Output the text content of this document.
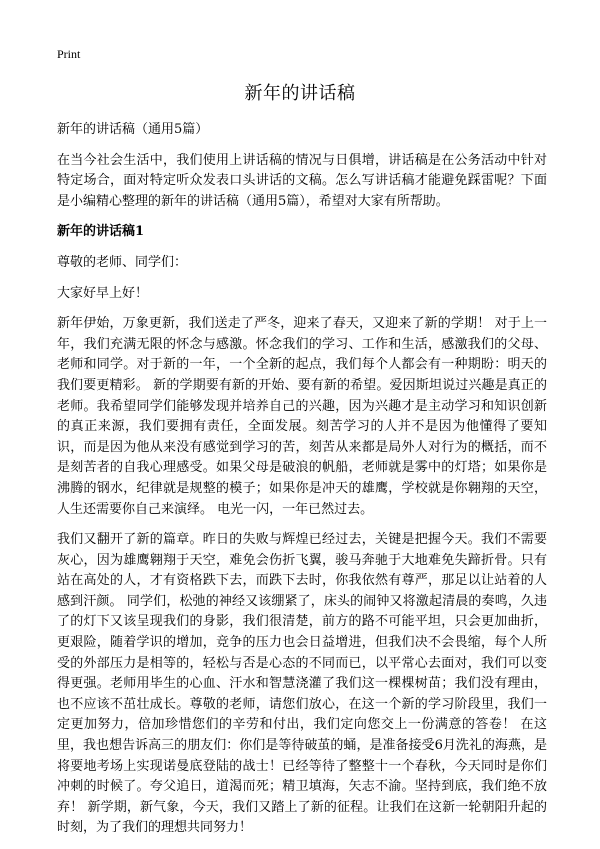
Print
新年的讲话稿

新年的讲话稿（通用5篇）

在当今社会生活中，我们使用上讲话稿的情况与日俱增，讲话稿是在公务活动中针对特定场合，面对特定听众发表口头讲话的文稿。怎么写讲话稿才能避免踩雷呢？下面是小编精心整理的新年的讲话稿（通用5篇），希望对大家有所帮助。

新年的讲话稿1

尊敬的老师、同学们：

大家好早上好！

新年伊始，万象更新，我们送走了严冬，迎来了春天，又迎来了新的学期！ 对于上一年，我们充满无限的怀念与感激。怀念我们的学习、工作和生活，感激我们的父母、老师和同学。对于新的一年，一个全新的起点，我们每个人都会有一种期盼：明天的我们要更精彩。 新的学期要有新的开始、要有新的希望。爱因斯坦说过兴趣是真正的老师。我希望同学们能够发现并培养自己的兴趣，因为兴趣才是主动学习和知识创新的真正来源，我们要拥有责任，全面发展。刻苦学习的人并不是因为他懂得了要知识，而是因为他从来没有感觉到学习的苦，刻苦从来都是局外人对行为的概括，而不是刻苦者的自我心理感受。如果父母是破浪的帆船，老师就是雾中的灯塔；如果你是沸腾的钢水，纪律就是规整的模子；如果你是冲天的雄鹰，学校就是你翱翔的天空，人生还需要你自己来演绎。 电光一闪，一年已然过去。

我们又翻开了新的篇章。昨日的失败与辉煌已经过去，关键是把握今天。我们不需要灰心，因为雄鹰翱翔于天空，难免会伤折飞翼，骏马奔驰于大地难免失蹄折骨。只有站在高处的人，才有资格跌下去，而跌下去时，你我依然有尊严，那足以让站着的人感到汗颜。 同学们，松弛的神经又该绷紧了，床头的闹钟又将激起清晨的奏鸣，久违了的灯下又该呈现我们的身影，我们很清楚，前方的路不可能平坦，只会更加曲折，更艰险，随着学识的增加，竞争的压力也会日益增进，但我们决不会畏缩，每个人所受的外部压力是相等的，轻松与否是心态的不同而已，以平常心去面对，我们可以变得更强。老师用毕生的心血、汗水和智慧浇灌了我们这一棵棵树苗；我们没有理由，也不应该不茁壮成长。尊敬的老师，请您们放心，在这一个新的学习阶段里，我们一定更加努力，倍加珍惜您们的辛劳和付出，我们定向您交上一份满意的答卷！ 在这里，我也想告诉高三的朋友们：你们是等待破茧的蛹，是准备接受6月洗礼的海燕，是将要地考场上实现诺曼底登陆的战士！已经等待了整整十一个春秋，今天同时是你们冲刺的时候了。夸父追日，道渴而死；精卫填海，矢志不渝。坚持到底，我们绝不放弃！ 新学期，新气象，今天，我们又踏上了新的征程。让我们在这新一轮朝阳升起的时刻，为了我们的理想共同努力！
